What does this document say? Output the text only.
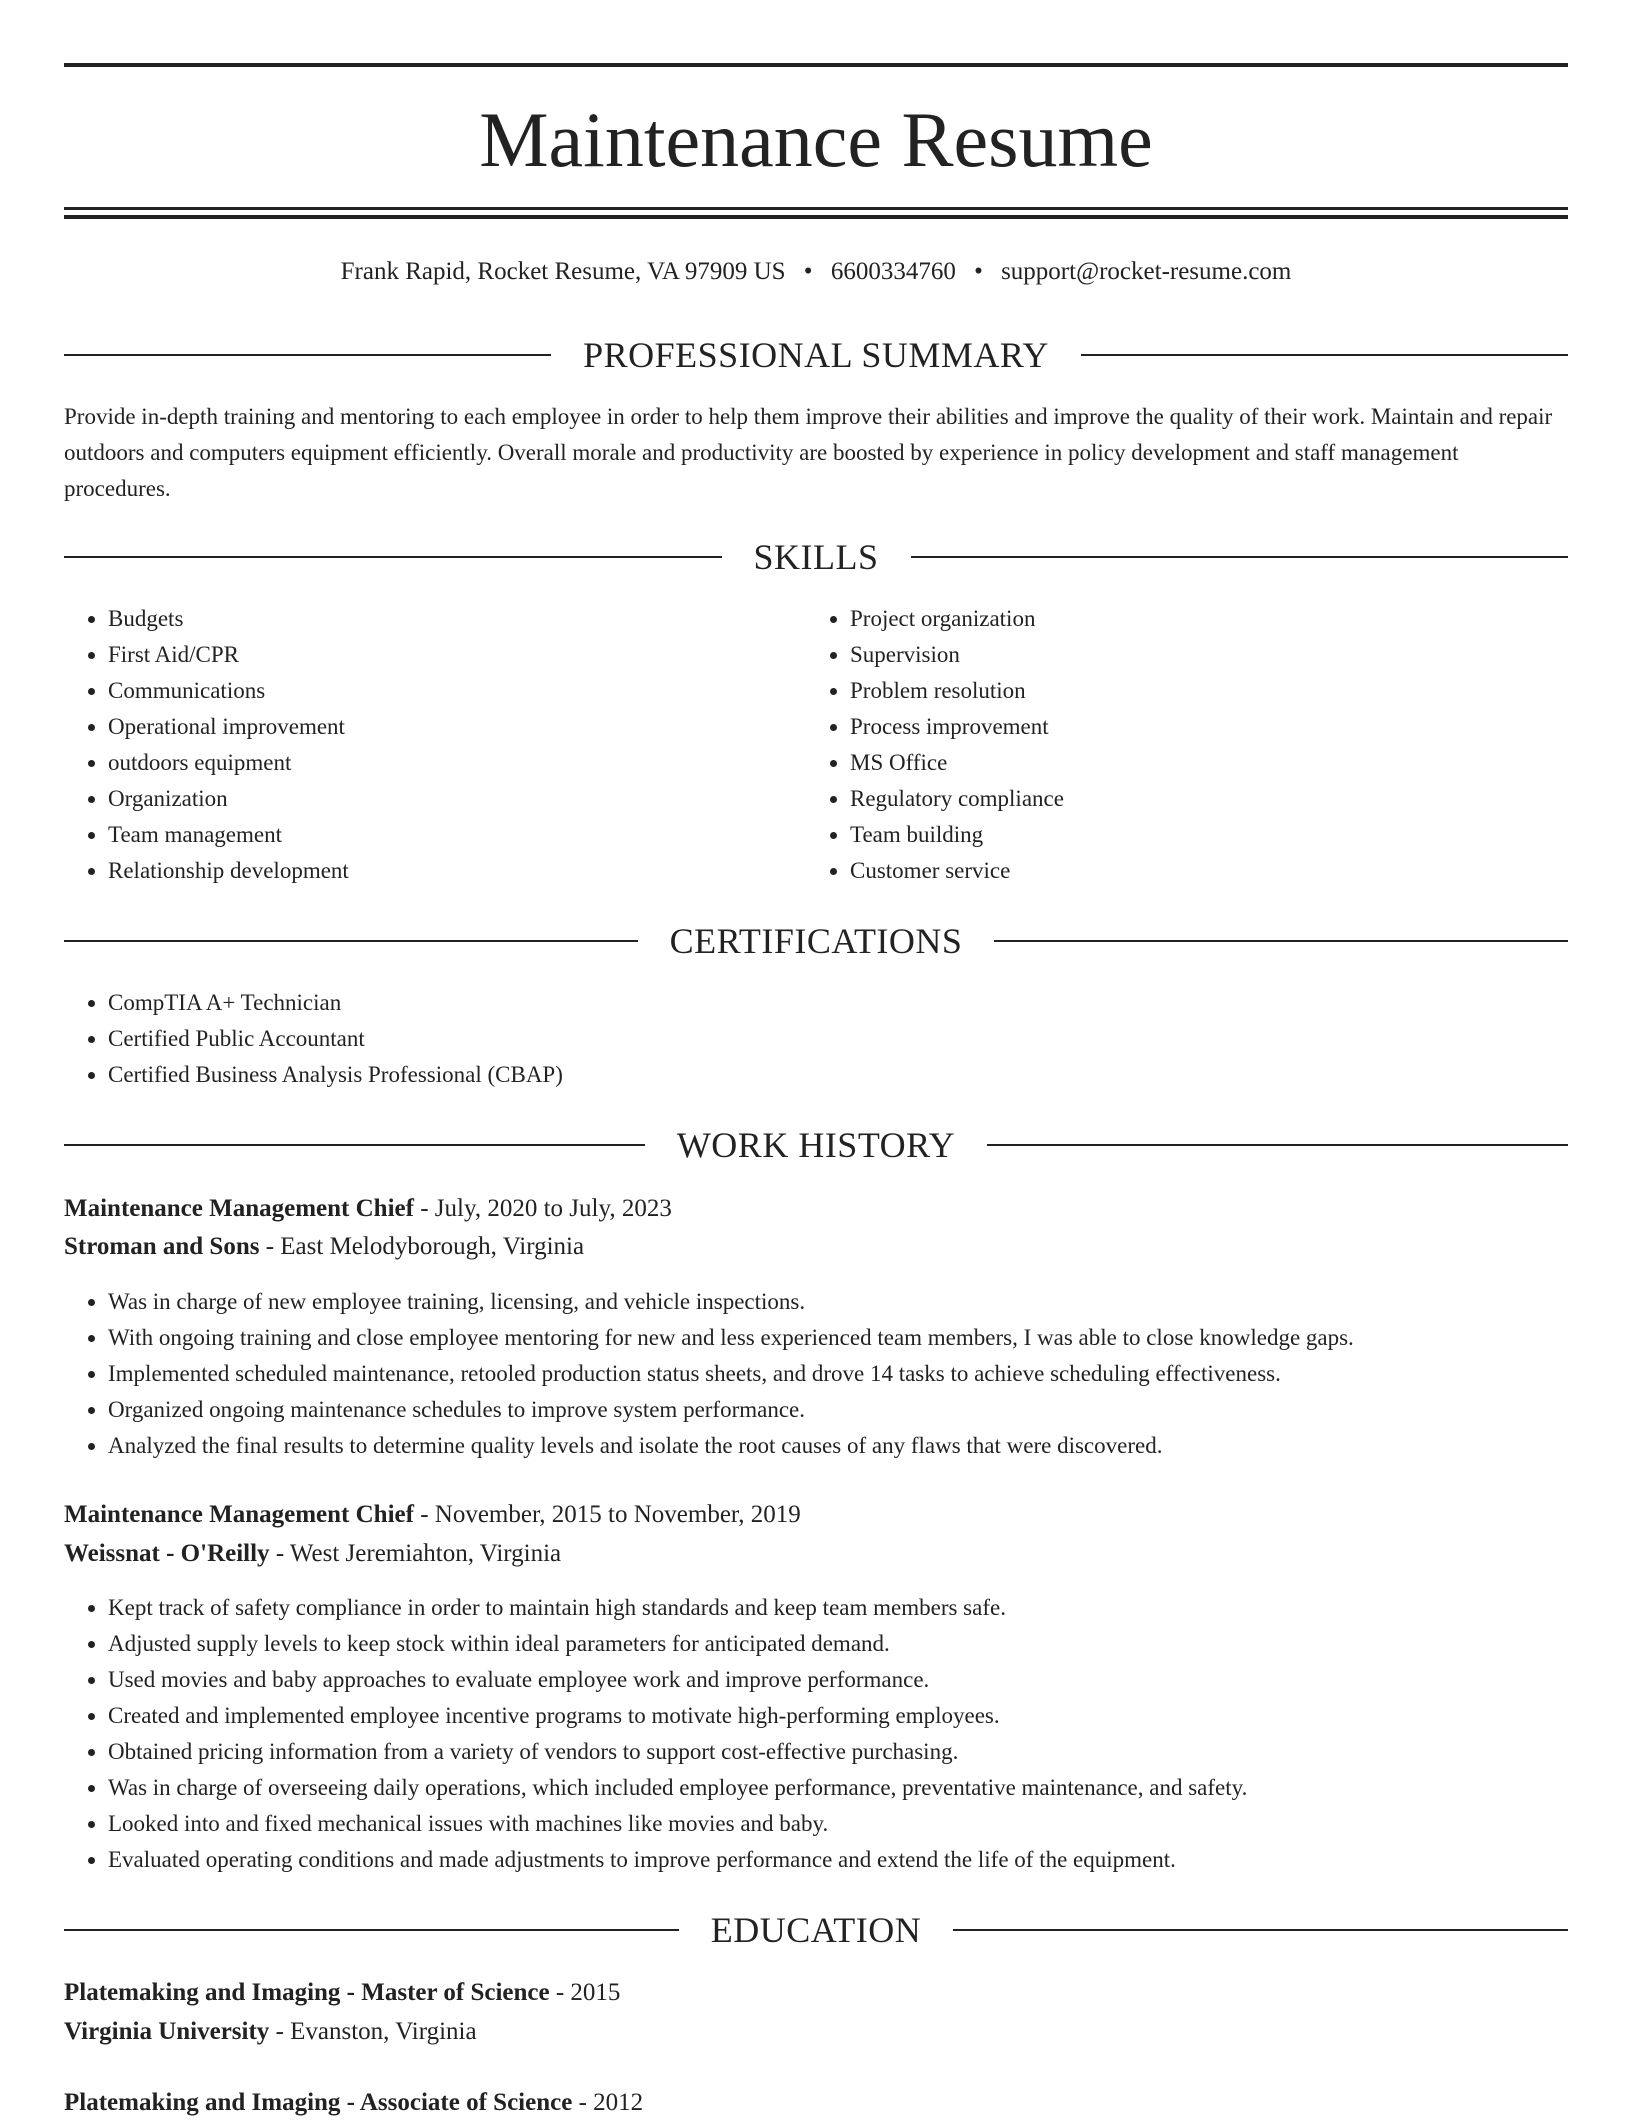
Maintenance Resume
Frank Rapid, Rocket Resume, VA 97909 US • 6600334760 • support@rocket-resume.com
PROFESSIONAL SUMMARY

Provide in-depth training and mentoring to each employee in order to help them improve their abilities and improve the quality of their work. Maintain and repair outdoors and computers equipment efficiently. Overall morale and productivity are boosted by experience in policy development and staff management procedures.

SKILLS
• Budgets
• First Aid/CPR
• Communications
• Operational improvement
• outdoors equipment
• Organization
• Team management
• Relationship development
• Project organization
• Supervision
• Problem resolution
• Process improvement
• MS Office
• Regulatory compliance
• Team building
• Customer service
CERTIFICATIONS
• CompTIA A+ Technician
• Certified Public Accountant
• Certified Business Analysis Professional (CBAP)
WORK HISTORY
Maintenance Management Chief - July, 2020 to July, 2023
Stroman and Sons - East Melodyborough, Virginia
• Was in charge of new employee training, licensing, and vehicle inspections.
• With ongoing training and close employee mentoring for new and less experienced team members, I was able to close knowledge gaps.
• Implemented scheduled maintenance, retooled production status sheets, and drove 14 tasks to achieve scheduling effectiveness.
• Organized ongoing maintenance schedules to improve system performance.
• Analyzed the final results to determine quality levels and isolate the root causes of any flaws that were discovered.
Maintenance Management Chief - November, 2015 to November, 2019
Weissnat - O'Reilly - West Jeremiahton, Virginia
• Kept track of safety compliance in order to maintain high standards and keep team members safe.
• Adjusted supply levels to keep stock within ideal parameters for anticipated demand.
• Used movies and baby approaches to evaluate employee work and improve performance.
• Created and implemented employee incentive programs to motivate high-performing employees.
• Obtained pricing information from a variety of vendors to support cost-effective purchasing.
• Was in charge of overseeing daily operations, which included employee performance, preventative maintenance, and safety.
• Looked into and fixed mechanical issues with machines like movies and baby.
• Evaluated operating conditions and made adjustments to improve performance and extend the life of the equipment.
EDUCATION
Platemaking and Imaging - Master of Science - 2015
Virginia University - Evanston, Virginia
Platemaking and Imaging - Associate of Science - 2012
